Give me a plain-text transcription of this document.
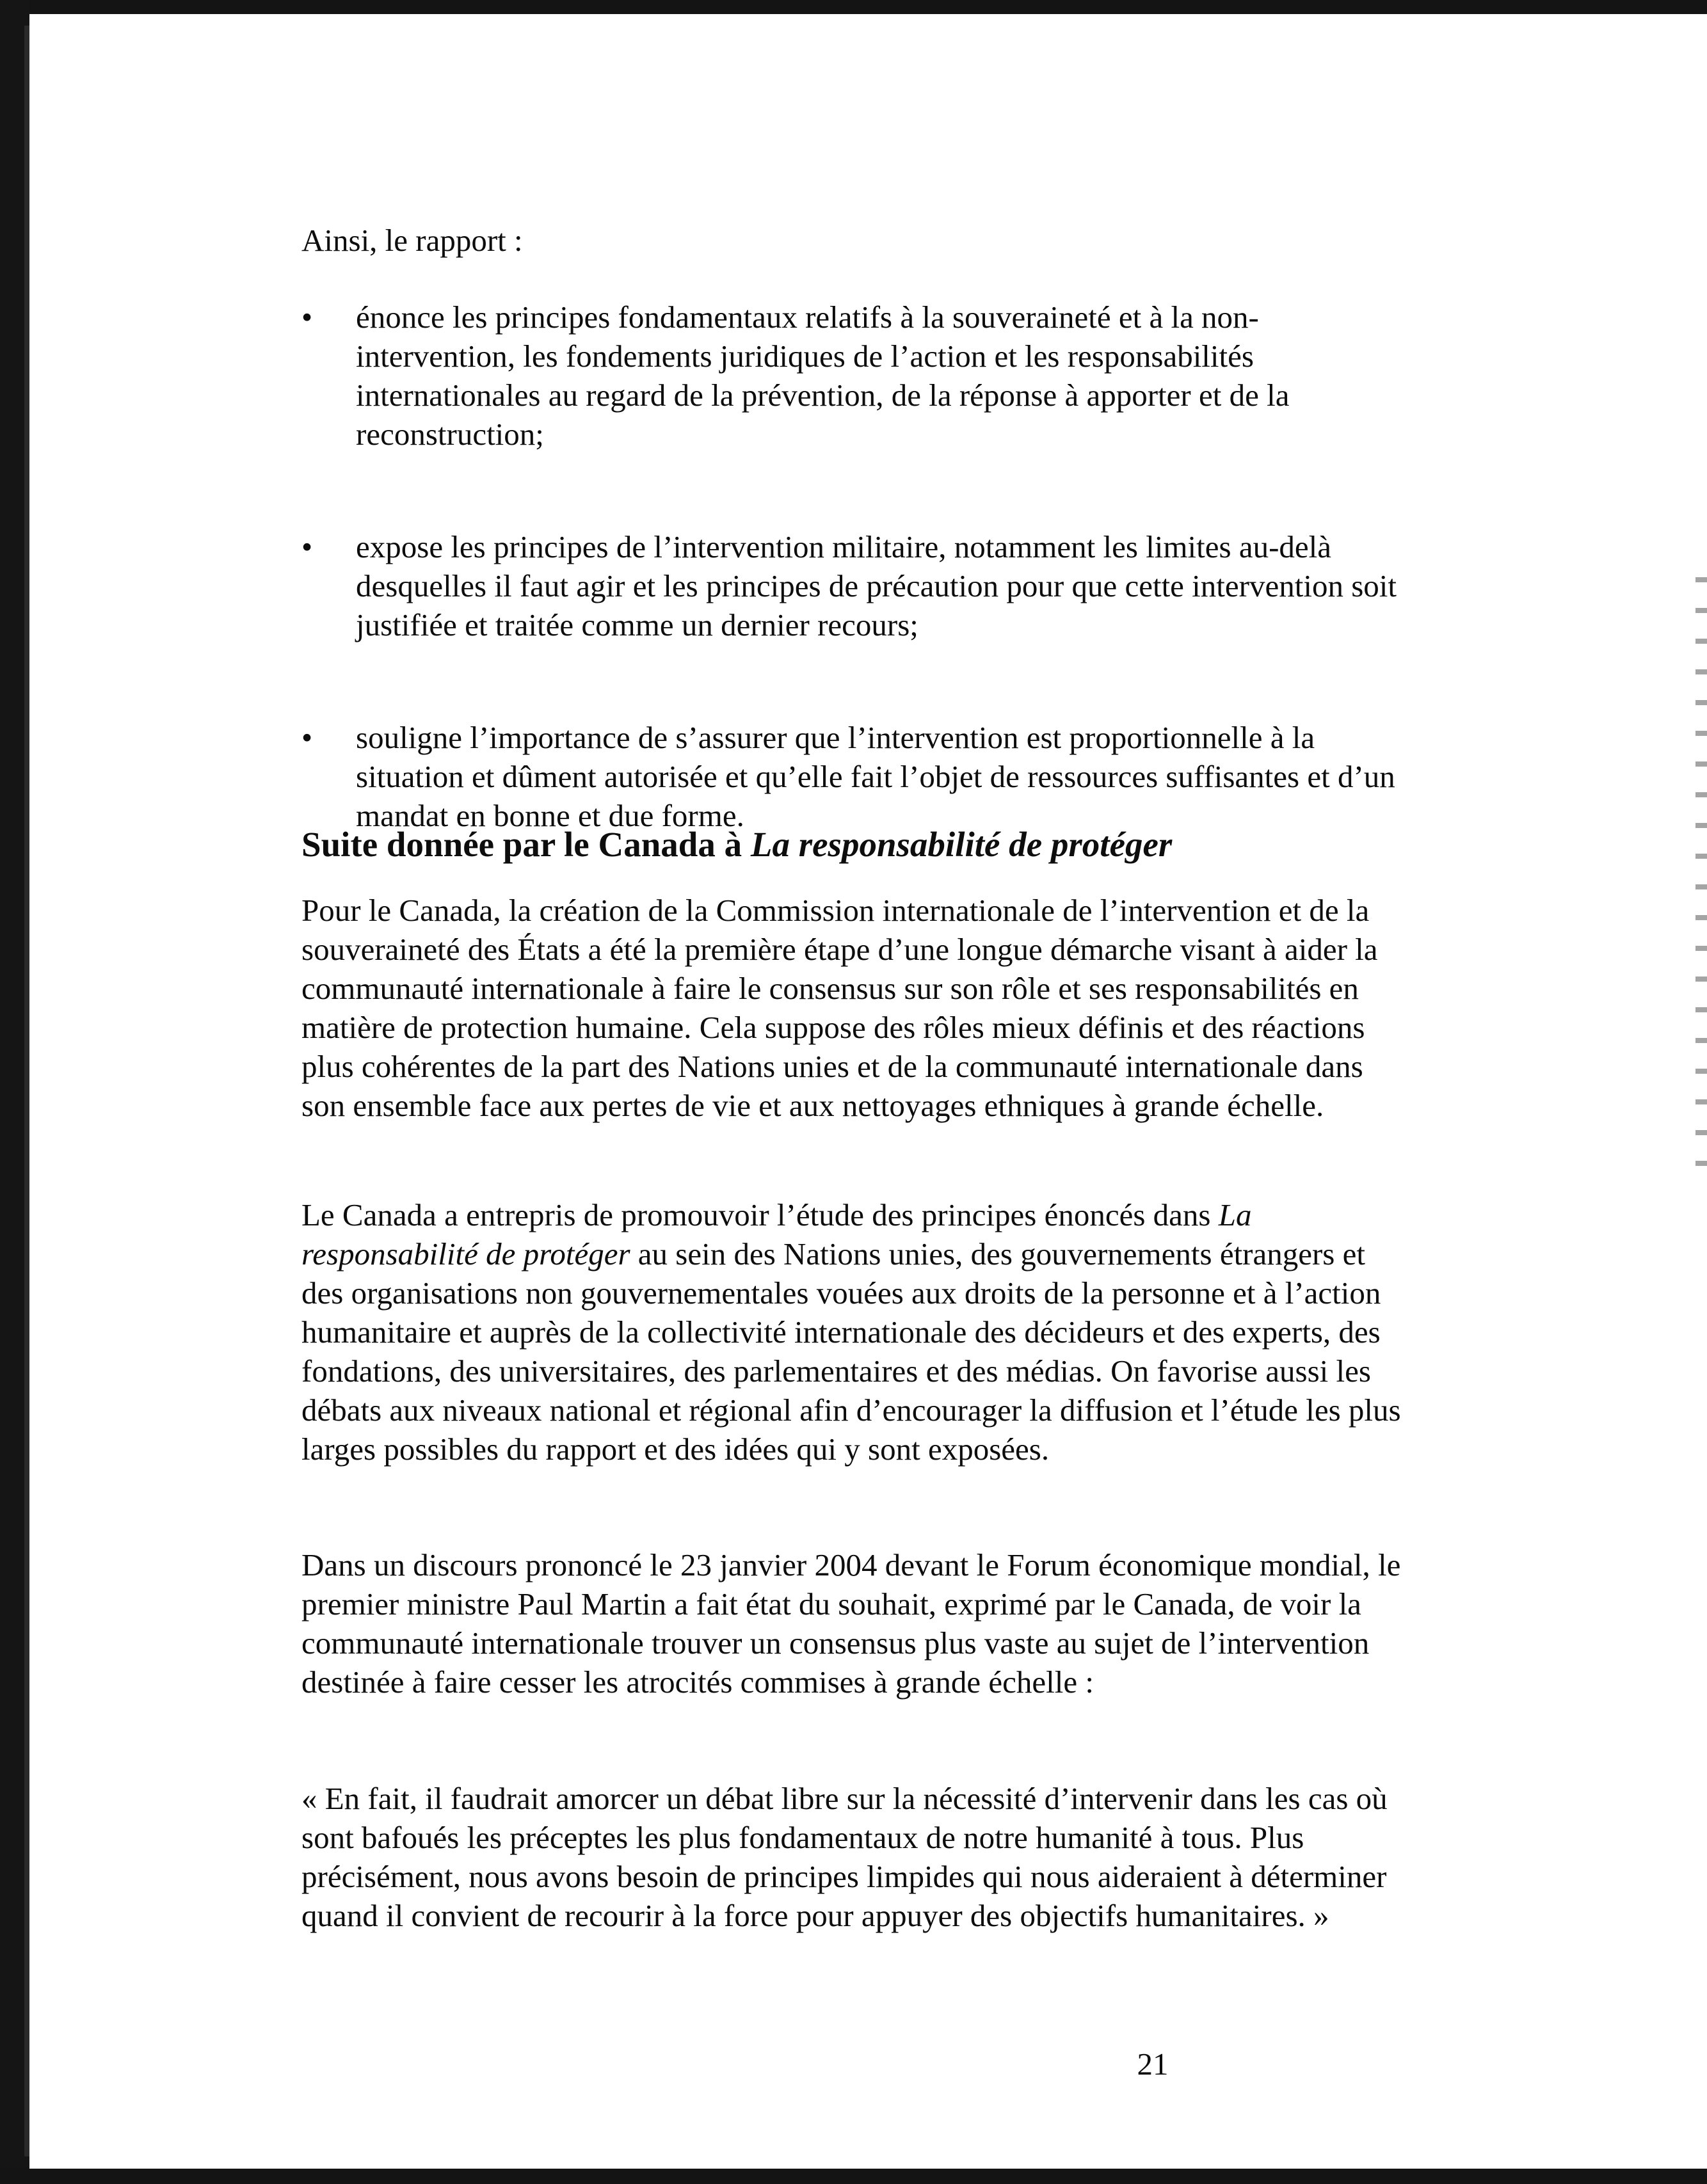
Ainsi, le rapport :

•	énonce les principes fondamentaux relatifs à la souveraineté et à la non-intervention, les fondements juridiques de l’action et les responsabilités internationales au regard de la prévention, de la réponse à apporter et de la reconstruction;
•	expose les principes de l’intervention militaire, notamment les limites au-delà desquelles il faut agir et les principes de précaution pour que cette intervention soit justifiée et traitée comme un dernier recours;
•	souligne l’importance de s’assurer que l’intervention est proportionnelle à la situation et dûment autorisée et qu’elle fait l’objet de ressources suffisantes et d’un mandat en bonne et due forme.
Suite donnée par le Canada à La responsabilité de protéger

Pour le Canada, la création de la Commission internationale de l’intervention et de la souveraineté des États a été la première étape d’une longue démarche visant à aider la communauté internationale à faire le consensus sur son rôle et ses responsabilités en matière de protection humaine. Cela suppose des rôles mieux définis et des réactions plus cohérentes de la part des Nations unies et de la communauté internationale dans son ensemble face aux pertes de vie et aux nettoyages ethniques à grande échelle.

Le Canada a entrepris de promouvoir l’étude des principes énoncés dans La responsabilité de protéger au sein des Nations unies, des gouvernements étrangers et des organisations non gouvernementales vouées aux droits de la personne et à l’action humanitaire et auprès de la collectivité internationale des décideurs et des experts, des fondations, des universitaires, des parlementaires et des médias. On favorise aussi les débats aux niveaux national et régional afin d’encourager la diffusion et l’étude les plus larges possibles du rapport et des idées qui y sont exposées.

Dans un discours prononcé le 23 janvier 2004 devant le Forum économique mondial, le premier ministre Paul Martin a fait état du souhait, exprimé par le Canada, de voir la communauté internationale trouver un consensus plus vaste au sujet de l’intervention destinée à faire cesser les atrocités commises à grande échelle :

« En fait, il faudrait amorcer un débat libre sur la nécessité d’intervenir dans les cas où sont bafoués les préceptes les plus fondamentaux de notre humanité à tous. Plus précisément, nous avons besoin de principes limpides qui nous aideraient à déterminer quand il convient de recourir à la force pour appuyer des objectifs humanitaires. »

21
